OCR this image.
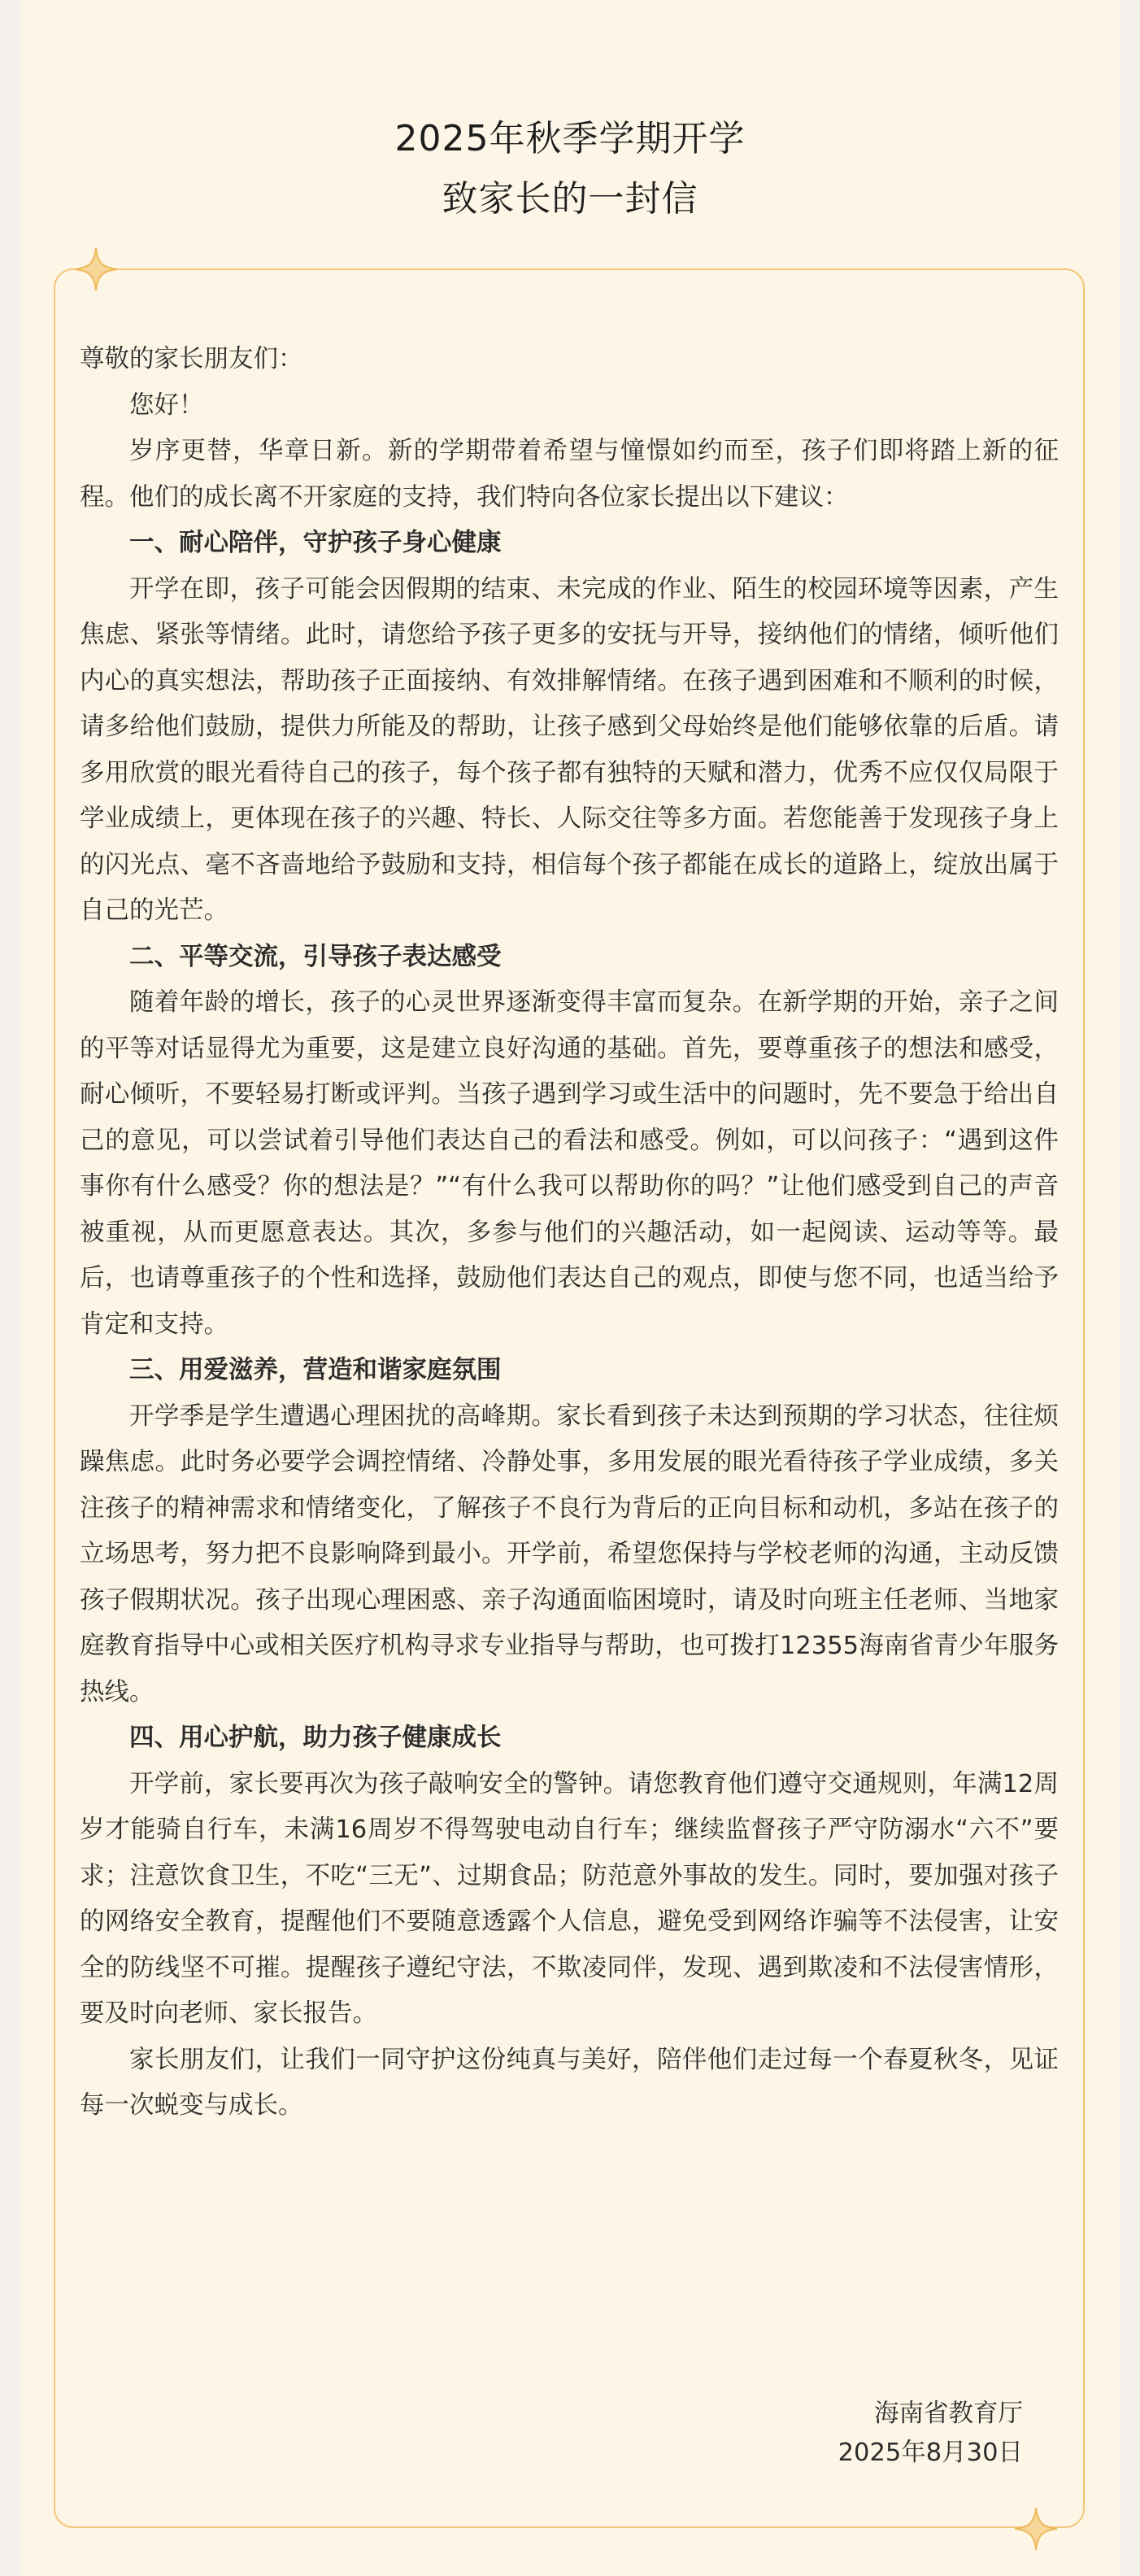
2025年秋季学期开学
致家长的一封信

尊敬的家长朋友们：

您好！

岁序更替，华章日新。新的学期带着希望与憧憬如约而至，孩子们即将踏上新的征程。他们的成长离不开家庭的支持，我们特向各位家长提出以下建议：

一、耐心陪伴，守护孩子身心健康

开学在即，孩子可能会因假期的结束、未完成的作业、陌生的校园环境等因素，产生焦虑、紧张等情绪。此时，请您给予孩子更多的安抚与开导，接纳他们的情绪，倾听他们内心的真实想法，帮助孩子正面接纳、有效排解情绪。在孩子遇到困难和不顺利的时候，请多给他们鼓励，提供力所能及的帮助，让孩子感到父母始终是他们能够依靠的后盾。请多用欣赏的眼光看待自己的孩子，每个孩子都有独特的天赋和潜力，优秀不应仅仅局限于学业成绩上，更体现在孩子的兴趣、特长、人际交往等多方面。若您能善于发现孩子身上的闪光点、毫不吝啬地给予鼓励和支持，相信每个孩子都能在成长的道路上，绽放出属于自己的光芒。

二、平等交流，引导孩子表达感受

随着年龄的增长，孩子的心灵世界逐渐变得丰富而复杂。在新学期的开始，亲子之间的平等对话显得尤为重要，这是建立良好沟通的基础。首先，要尊重孩子的想法和感受，耐心倾听，不要轻易打断或评判。当孩子遇到学习或生活中的问题时，先不要急于给出自己的意见，可以尝试着引导他们表达自己的看法和感受。例如，可以问孩子：“遇到这件事你有什么感受？你的想法是？”“有什么我可以帮助你的吗？”让他们感受到自己的声音被重视，从而更愿意表达。其次，多参与他们的兴趣活动，如一起阅读、运动等等。最后，也请尊重孩子的个性和选择，鼓励他们表达自己的观点，即使与您不同，也适当给予肯定和支持。

三、用爱滋养，营造和谐家庭氛围

开学季是学生遭遇心理困扰的高峰期。家长看到孩子未达到预期的学习状态，往往烦躁焦虑。此时务必要学会调控情绪、冷静处事，多用发展的眼光看待孩子学业成绩，多关注孩子的精神需求和情绪变化，了解孩子不良行为背后的正向目标和动机，多站在孩子的立场思考，努力把不良影响降到最小。开学前，希望您保持与学校老师的沟通，主动反馈孩子假期状况。孩子出现心理困惑、亲子沟通面临困境时，请及时向班主任老师、当地家庭教育指导中心或相关医疗机构寻求专业指导与帮助，也可拨打12355海南省青少年服务热线。

四、用心护航，助力孩子健康成长

开学前，家长要再次为孩子敲响安全的警钟。请您教育他们遵守交通规则，年满12周岁才能骑自行车，未满16周岁不得驾驶电动自行车；继续监督孩子严守防溺水“六不”要求；注意饮食卫生，不吃“三无”、过期食品；防范意外事故的发生。同时，要加强对孩子的网络安全教育，提醒他们不要随意透露个人信息，避免受到网络诈骗等不法侵害，让安全的防线坚不可摧。提醒孩子遵纪守法，不欺凌同伴，发现、遇到欺凌和不法侵害情形，要及时向老师、家长报告。

家长朋友们，让我们一同守护这份纯真与美好，陪伴他们走过每一个春夏秋冬，见证每一次蜕变与成长。

海南省教育厅
2025年8月30日
